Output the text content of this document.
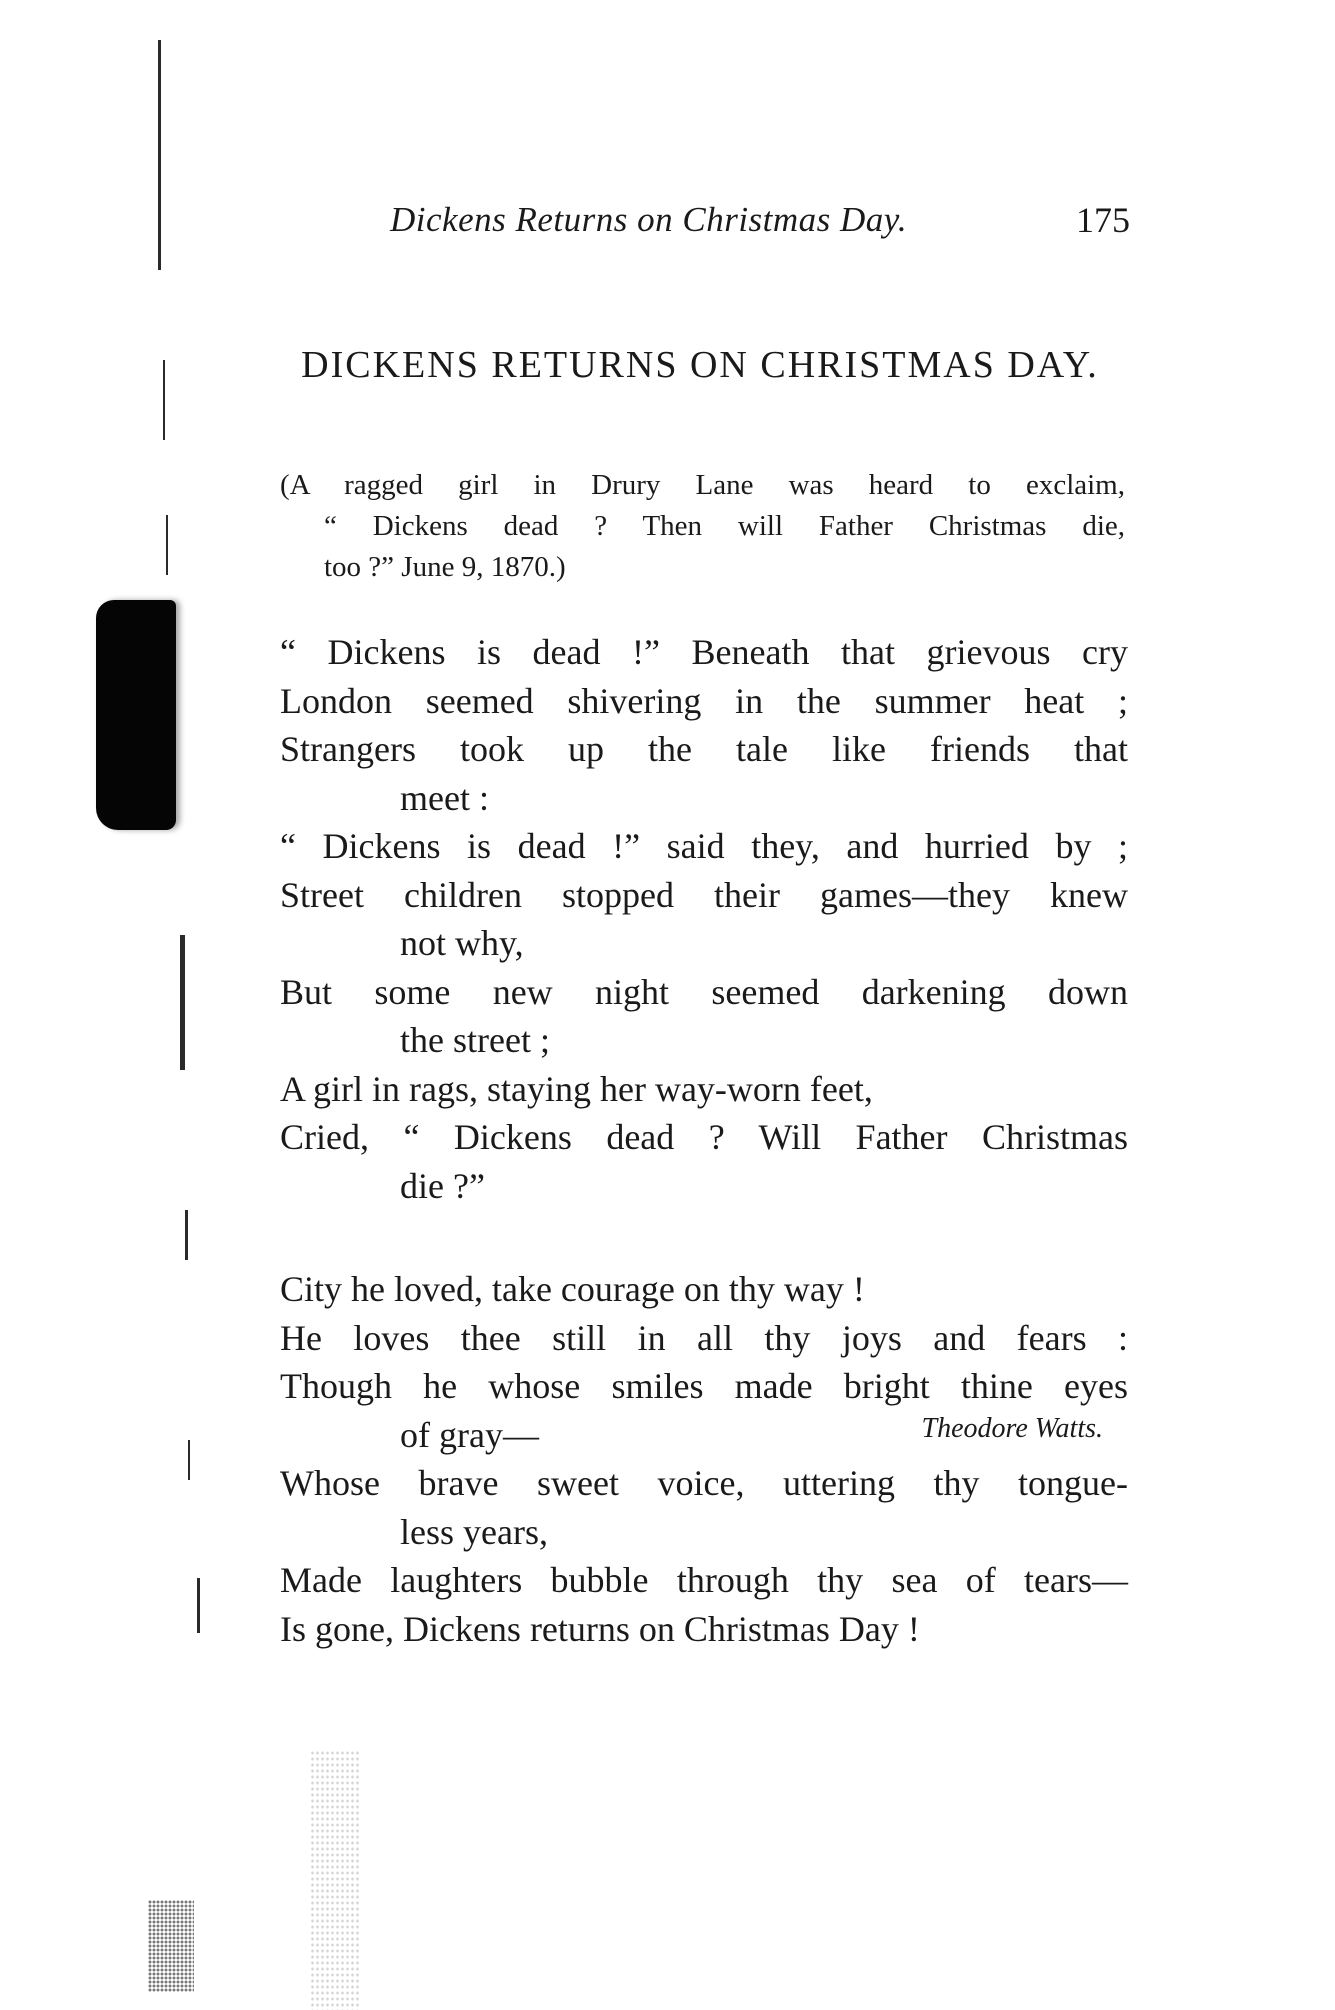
Dickens Returns on Christmas Day.	175
DICKENS RETURNS ON CHRISTMAS DAY.
(A ragged girl in Drury Lane was heard to exclaim,
“ Dickens dead ? Then will Father Christmas die,
too ?” June 9, 1870.)
“ Dickens is dead !” Beneath that grievous cry
London seemed shivering in the summer heat ;
Strangers took up the tale like friends that
meet :
“ Dickens is dead !” said they, and hurried by ;
Street children stopped their games—they knew
not why,
But some new night seemed darkening down
the street ;
A girl in rags, staying her way-worn feet,
Cried, “ Dickens dead ? Will Father Christmas
die ?”
City he loved, take courage on thy way !
He loves thee still in all thy joys and fears :
Though he whose smiles made bright thine eyes
of gray—
Whose brave sweet voice, uttering thy tongue-
less years,
Made laughters bubble through thy sea of tears—
Is gone, Dickens returns on Christmas Day !
Theodore Watts.
